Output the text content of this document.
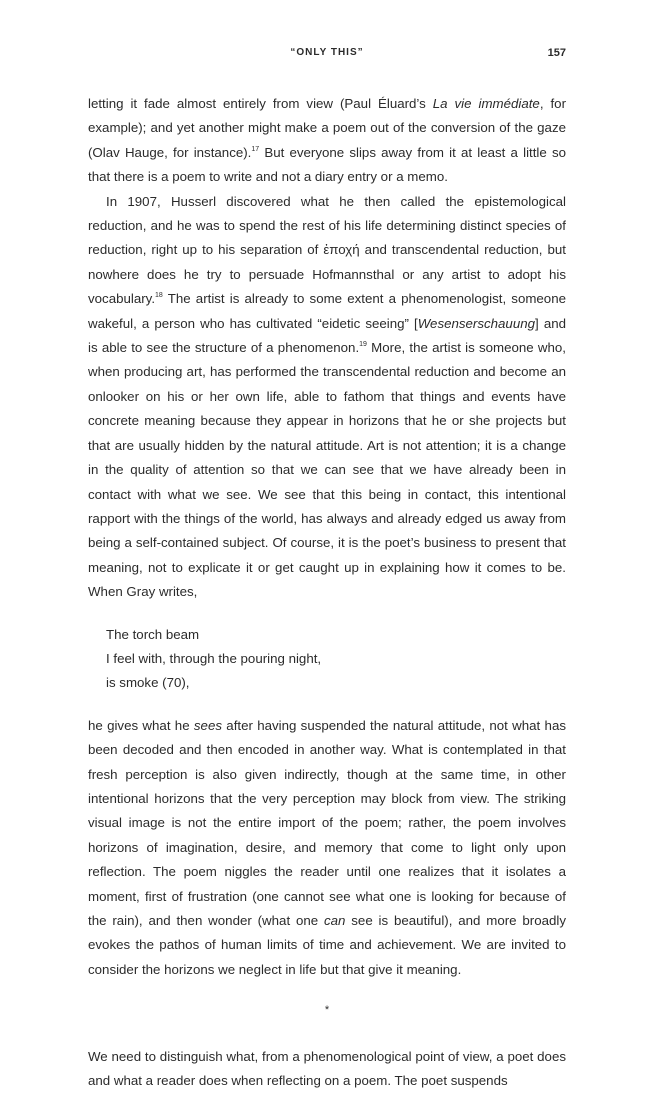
“ONLY THIS”	157

letting it fade almost entirely from view (Paul Éluard’s La vie immédiate, for example); and yet another might make a poem out of the conversion of the gaze (Olav Hauge, for instance).$^{17}$ But everyone slips away from it at least a little so that there is a poem to write and not a diary entry or a memo.

In 1907, Husserl discovered what he then called the epistemological reduction, and he was to spend the rest of his life determining distinct species of reduction, right up to his separation of ἐποχή and transcendental reduction, but nowhere does he try to persuade Hofmannsthal or any artist to adopt his vocabulary.$^{18}$ The artist is already to some extent a phenomenologist, someone wakeful, a person who has cultivated “eidetic seeing” [Wesenserschauung] and is able to see the structure of a phenomenon.$^{19}$ More, the artist is someone who, when producing art, has performed the transcendental reduction and become an onlooker on his or her own life, able to fathom that things and events have concrete meaning because they appear in horizons that he or she projects but that are usually hidden by the natural attitude. Art is not attention; it is a change in the quality of attention so that we can see that we have already been in contact with what we see. We see that this being in contact, this intentional rapport with the things of the world, has always and already edged us away from being a self-contained subject. Of course, it is the poet’s business to present that meaning, not to explicate it or get caught up in explaining how it comes to be. When Gray writes,

The torch beam
I feel with, through the pouring night,
is smoke (70),

he gives what he sees after having suspended the natural attitude, not what has been decoded and then encoded in another way. What is contemplated in that fresh perception is also given indirectly, though at the same time, in other intentional horizons that the very perception may block from view. The striking visual image is not the entire import of the poem; rather, the poem involves horizons of imagination, desire, and memory that come to light only upon reflection. The poem niggles the reader until one realizes that it isolates a moment, first of frustration (one cannot see what one is looking for because of the rain), and then wonder (what one can see is beautiful), and more broadly evokes the pathos of human limits of time and achievement. We are invited to consider the horizons we neglect in life but that give it meaning.

*

We need to distinguish what, from a phenomenological point of view, a poet does and what a reader does when reflecting on a poem. The poet suspends
